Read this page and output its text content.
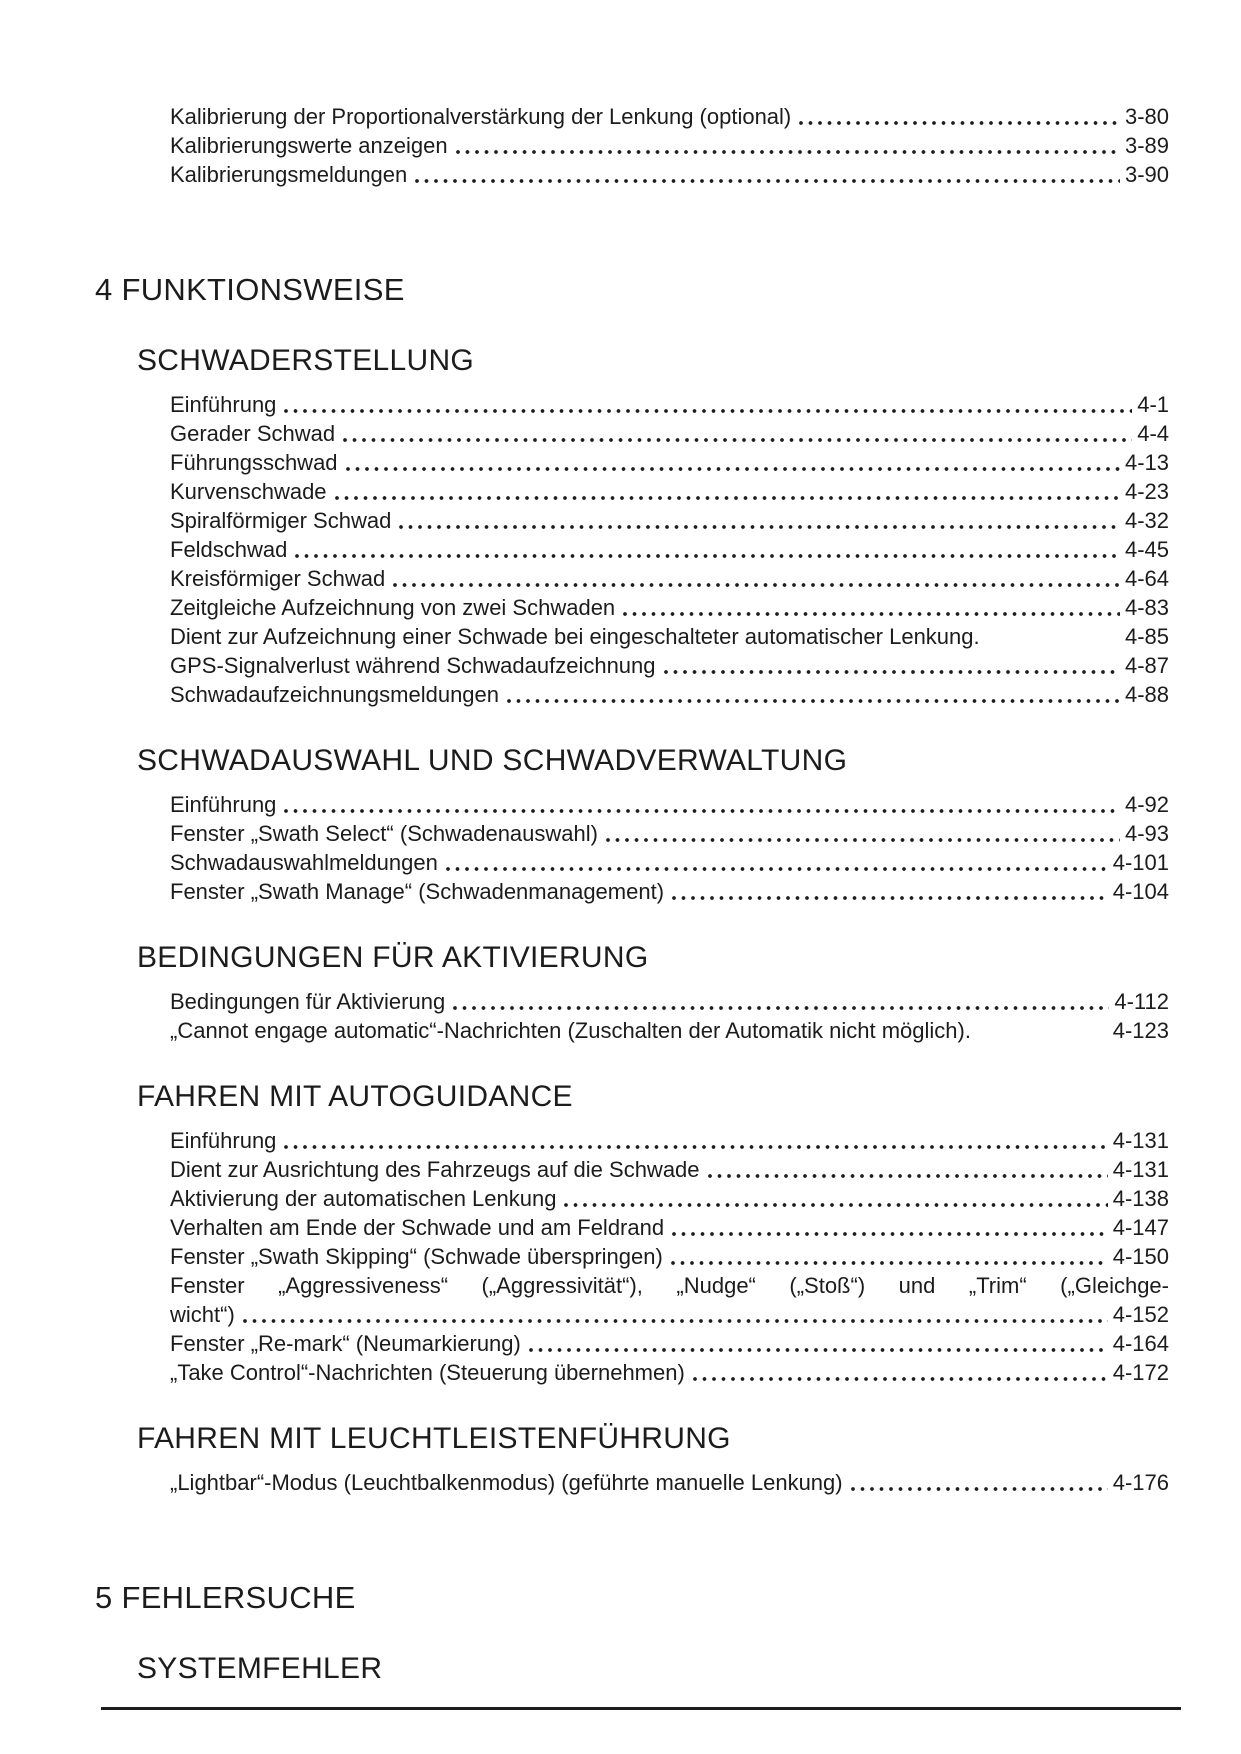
Kalibrierung der Proportionalverstärkung der Lenkung (optional)	3-80
Kalibrierungswerte anzeigen	3-89
Kalibrierungsmeldungen	3-90
4 FUNKTIONSWEISE
SCHWADERSTELLUNG
Einführung	4-1
Gerader Schwad	4-4
Führungsschwad	4-13
Kurvenschwade	4-23
Spiralförmiger Schwad	4-32
Feldschwad	4-45
Kreisförmiger Schwad	4-64
Zeitgleiche Aufzeichnung von zwei Schwaden	4-83
Dient zur Aufzeichnung einer Schwade bei eingeschalteter automatischer Lenkung.	4-85
GPS-Signalverlust während Schwadaufzeichnung	4-87
Schwadaufzeichnungsmeldungen	4-88
SCHWADAUSWAHL UND SCHWADVERWALTUNG
Einführung	4-92
Fenster „Swath Select“ (Schwadenauswahl)	4-93
Schwadauswahlmeldungen	4-101
Fenster „Swath Manage“ (Schwadenmanagement)	4-104
BEDINGUNGEN FÜR AKTIVIERUNG
Bedingungen für Aktivierung	4-112
„Cannot engage automatic“-Nachrichten (Zuschalten der Automatik nicht möglich).	4-123
FAHREN MIT AUTOGUIDANCE
Einführung	4-131
Dient zur Ausrichtung des Fahrzeugs auf die Schwade	4-131
Aktivierung der automatischen Lenkung	4-138
Verhalten am Ende der Schwade und am Feldrand	4-147
Fenster „Swath Skipping“ (Schwade überspringen)	4-150
Fenster „Aggressiveness“ („Aggressivität“), „Nudge“ („Stoß“) und „Trim“ („Gleichge-
wicht“)	4-152
Fenster „Re-mark“ (Neumarkierung)	4-164
„Take Control“-Nachrichten (Steuerung übernehmen)	4-172
FAHREN MIT LEUCHTLEISTENFÜHRUNG
„Lightbar“-Modus (Leuchtbalkenmodus) (geführte manuelle Lenkung)	4-176
5 FEHLERSUCHE
SYSTEMFEHLER
